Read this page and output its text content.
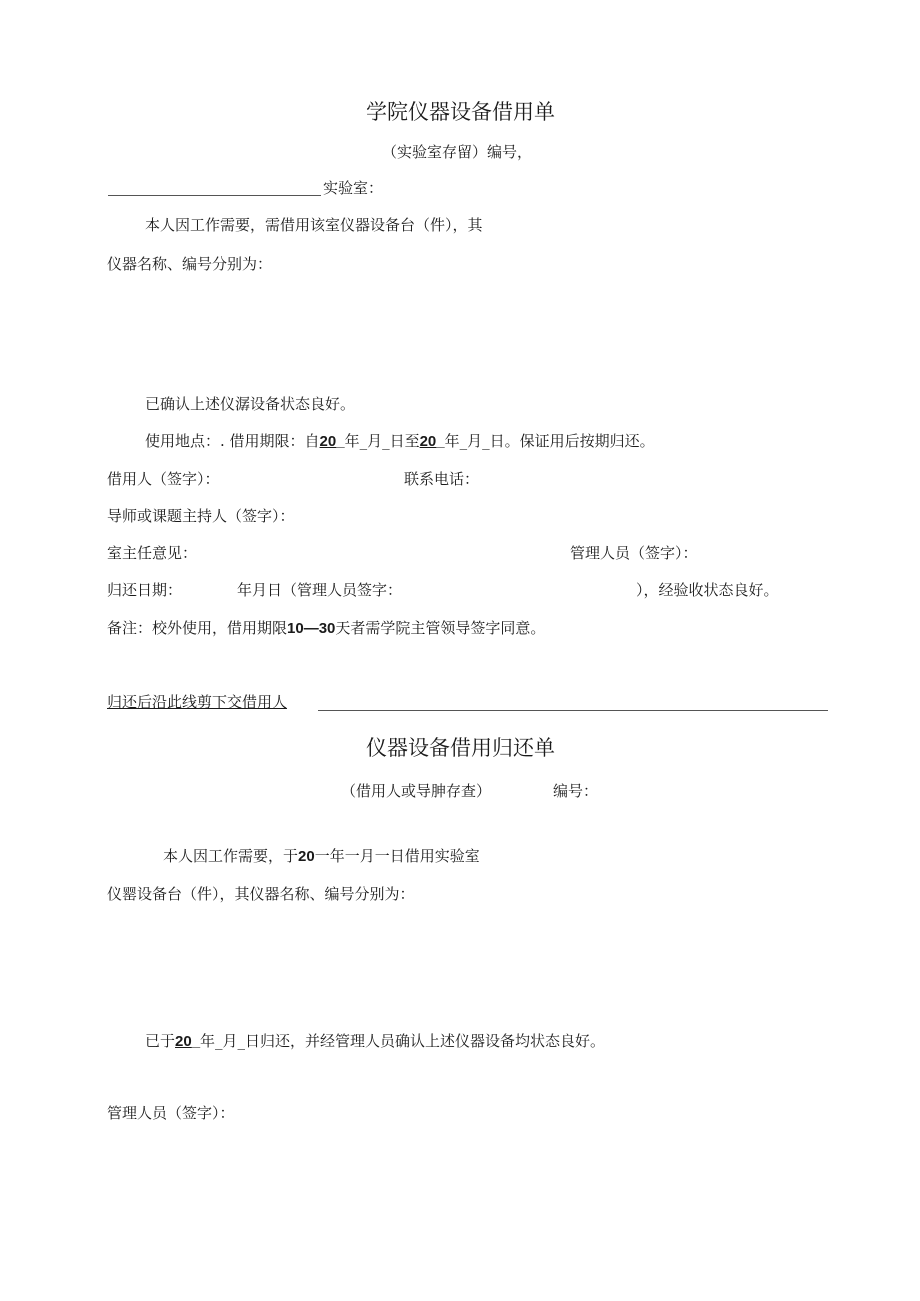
学院仪器设备借用单
（实验室存留）编号，
实验室：
本人因工作需要，需借用该室仪器设备台（件），其
仪器名称、编号分别为：
已确认上述仪潺设备状态良好。
使用地点：. 借用期限：自20_年_月_日至20_年_月_日。保证用后按期归还。
借用人（签字）：	联系电话：
导师或课题主持人（签字）：
室主任意见：	管理人员（签字）：
归还日期：	年月日（管理人员签字：	），经验收状态良好。
备注：校外使用，借用期限10—30天者需学院主管领导签字同意。
归还后沿此线剪下交借用人
仪器设备借用归还单
（借用人或导胂存查）	编号：
本人因工作需要，于20一年一月一日借用实验室
仪罂设备台（件），其仪器名称、编号分别为：
已于20_年_月_日归还，并经管理人员确认上述仪器设备均状态良好。
管理人员（签字）：
